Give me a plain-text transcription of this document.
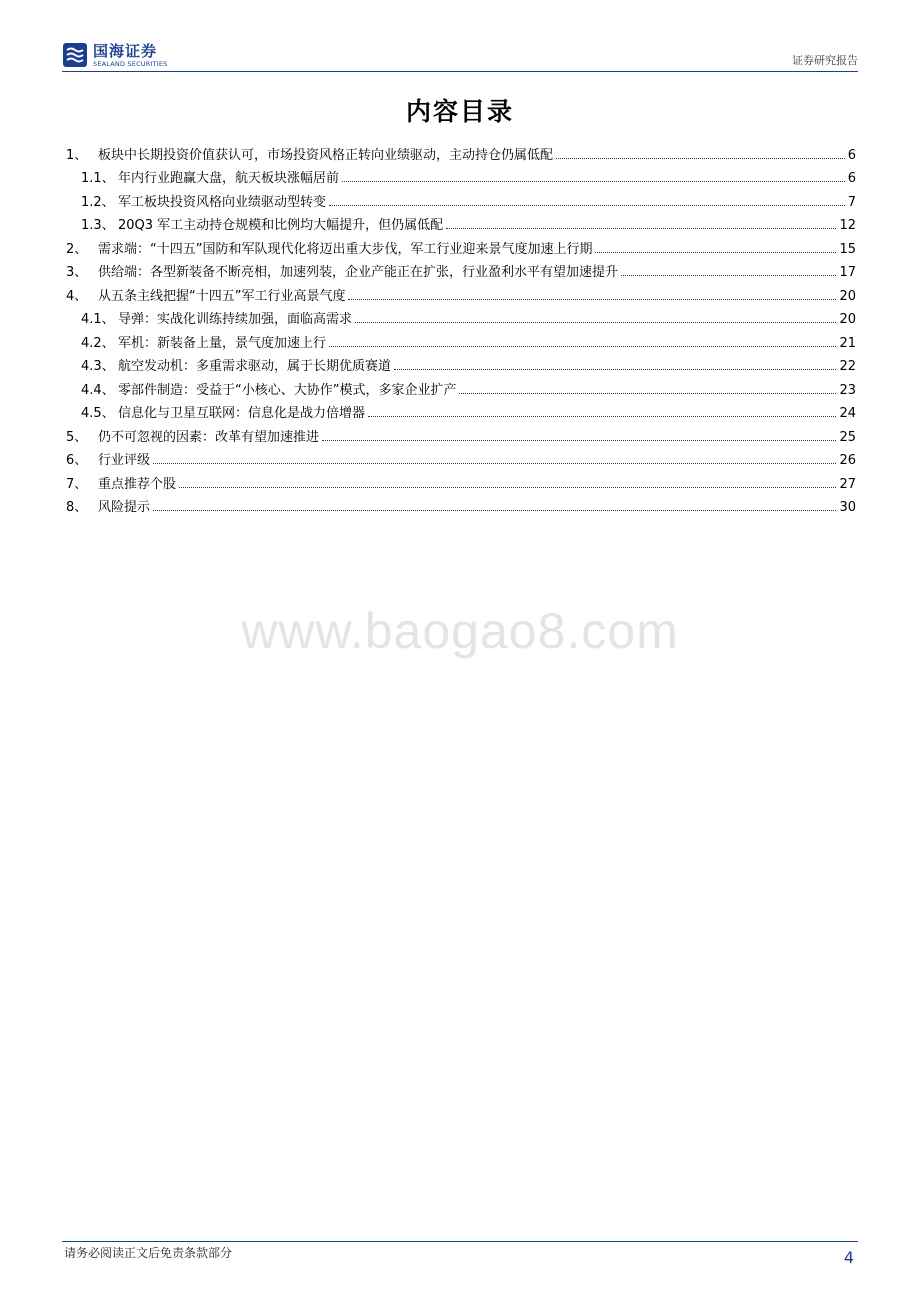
国海证券
SEALAND SECURITIES	证券研究报告
内容目录
1、 板块中长期投资价值获认可，市场投资风格正转向业绩驱动，主动持仓仍属低配	6
1.1、 年内行业跑赢大盘，航天板块涨幅居前	6
1.2、 军工板块投资风格向业绩驱动型转变	7
1.3、 20Q3 军工主动持仓规模和比例均大幅提升，但仍属低配	12
2、 需求端：“十四五”国防和军队现代化将迈出重大步伐，军工行业迎来景气度加速上行期	15
3、 供给端：各型新装备不断亮相，加速列装，企业产能正在扩张，行业盈利水平有望加速提升	17
4、 从五条主线把握“十四五”军工行业高景气度	20
4.1、 导弹：实战化训练持续加强，面临高需求	20
4.2、 军机：新装备上量，景气度加速上行	21
4.3、 航空发动机：多重需求驱动，属于长期优质赛道	22
4.4、 零部件制造：受益于“小核心、大协作”模式，多家企业扩产	23
4.5、 信息化与卫星互联网：信息化是战力倍增器	24
5、 仍不可忽视的因素：改革有望加速推进	25
6、 行业评级	26
7、 重点推荐个股	27
8、 风险提示	30
www.baogao8.com
请务必阅读正文后免责条款部分	4
